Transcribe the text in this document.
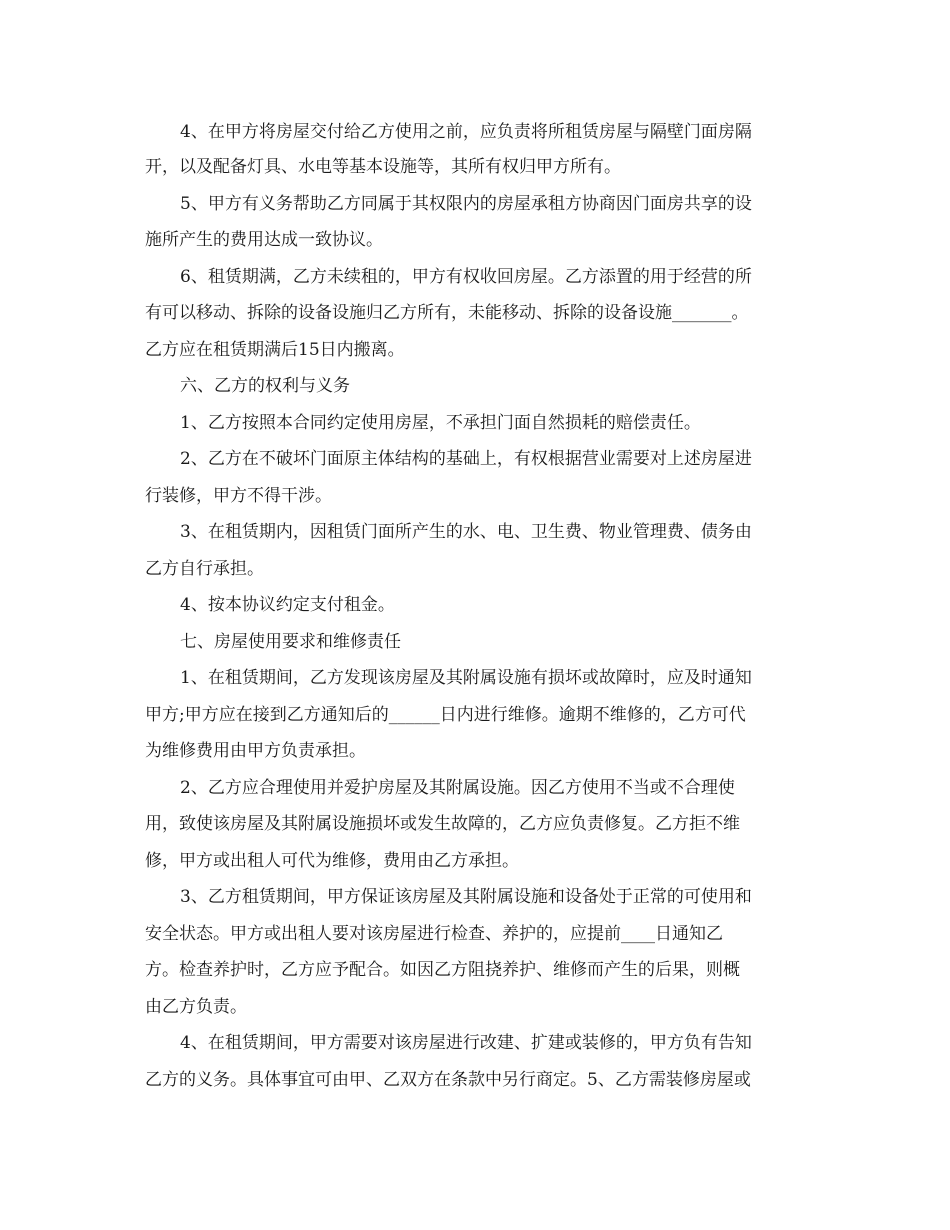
4、在甲方将房屋交付给乙方使用之前，应负责将所租赁房屋与隔壁门面房隔
开，以及配备灯具、水电等基本设施等，其所有权归甲方所有。
5、甲方有义务帮助乙方同属于其权限内的房屋承租方协商因门面房共享的设
施所产生的费用达成一致协议。
6、租赁期满，乙方未续租的，甲方有权收回房屋。乙方添置的用于经营的所
有可以移动、拆除的设备设施归乙方所有，未能移动、拆除的设备设施_______。
乙方应在租赁期满后15日内搬离。
六、乙方的权利与义务
1、乙方按照本合同约定使用房屋，不承担门面自然损耗的赔偿责任。
2、乙方在不破坏门面原主体结构的基础上，有权根据营业需要对上述房屋进
行装修，甲方不得干涉。
3、在租赁期内，因租赁门面所产生的水、电、卫生费、物业管理费、债务由
乙方自行承担。
4、按本协议约定支付租金。
七、房屋使用要求和维修责任
1、在租赁期间，乙方发现该房屋及其附属设施有损坏或故障时，应及时通知
甲方;甲方应在接到乙方通知后的______日内进行维修。逾期不维修的，乙方可代
为维修费用由甲方负责承担。
2、乙方应合理使用并爱护房屋及其附属设施。因乙方使用不当或不合理使
用，致使该房屋及其附属设施损坏或发生故障的，乙方应负责修复。乙方拒不维
修，甲方或出租人可代为维修，费用由乙方承担。
3、乙方租赁期间，甲方保证该房屋及其附属设施和设备处于正常的可使用和
安全状态。甲方或出租人要对该房屋进行检查、养护的，应提前____日通知乙
方。检查养护时，乙方应予配合。如因乙方阻挠养护、维修而产生的后果，则概
由乙方负责。
4、在租赁期间，甲方需要对该房屋进行改建、扩建或装修的，甲方负有告知
乙方的义务。具体事宜可由甲、乙双方在条款中另行商定。5、乙方需装修房屋或
